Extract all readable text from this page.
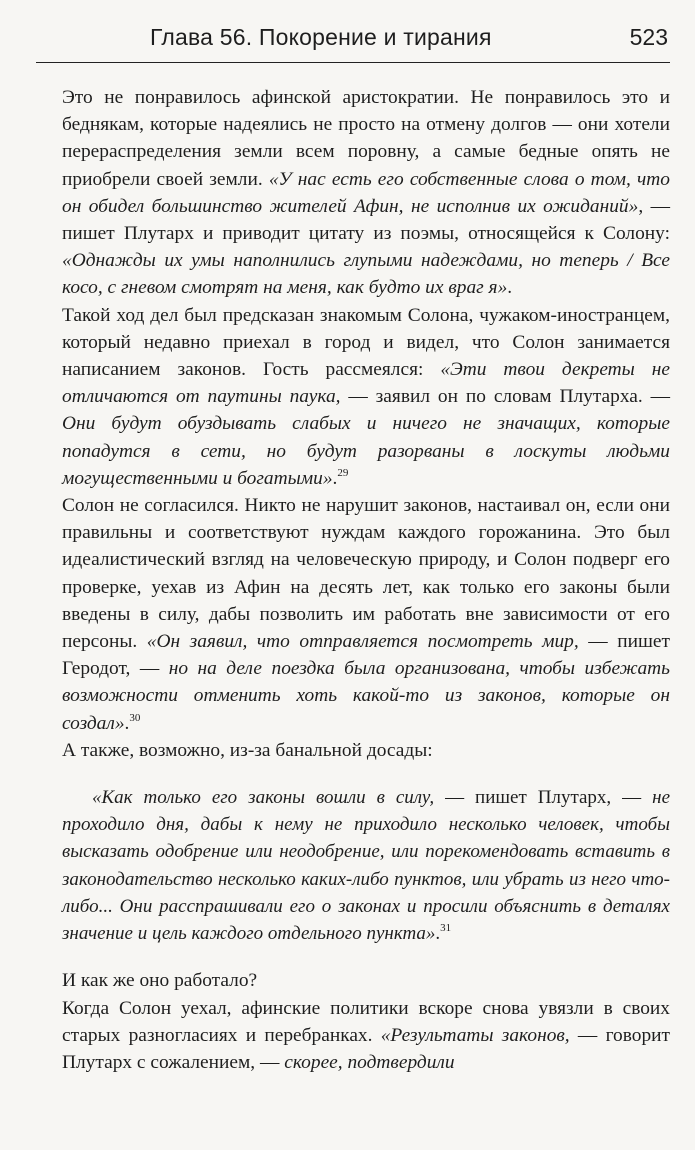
Глава 56. Покорение и тирания	523

Это не понравилось афинской аристократии. Не понравилось это и беднякам, которые надеялись не просто на отмену долгов — они хотели перераспределения земли всем поровну, а самые бедные опять не приобрели своей земли. «У нас есть его собственные слова о том, что он обидел большинство жителей Афин, не исполнив их ожиданий», — пишет Плутарх и приводит цитату из поэмы, относящейся к Солону: «Однажды их умы наполнились глупыми надеждами, но теперь / Все косо, с гневом смотрят на меня, как будто их враг я».

Такой ход дел был предсказан знакомым Солона, чужаком-иностранцем, который недавно приехал в город и видел, что Солон занимается написанием законов. Гость рассмеялся: «Эти твои декреты не отличаются от паутины паука, — заявил он по словам Плутарха. — Они будут обуздывать слабых и ничего не значащих, которые попадутся в сети, но будут разорваны в лоскуты людьми могущественными и богатыми».$^{29}$

Солон не согласился. Никто не нарушит законов, настаивал он, если они правильны и соответствуют нуждам каждого горожанина. Это был идеалистический взгляд на человеческую природу, и Солон подверг его проверке, уехав из Афин на десять лет, как только его законы были введены в силу, дабы позволить им работать вне зависимости от его персоны. «Он заявил, что отправляется посмотреть мир, — пишет Геродот, — но на деле поездка была организована, чтобы избежать возможности отменить хоть какой-то из законов, которые он создал».$^{30}$

А также, возможно, из-за банальной досады:

«Как только его законы вошли в силу, — пишет Плутарх, — не проходило дня, дабы к нему не приходило несколько человек, чтобы высказать одобрение или неодобрение, или порекомендовать вставить в законодательство несколько каких-либо пунктов, или убрать из него что-либо... Они расспрашивали его о законах и просили объяснить в деталях значение и цель каждого отдельного пункта».$^{31}$

И как же оно работало?

Когда Солон уехал, афинские политики вскоре снова увязли в своих старых разногласиях и перебранках. «Результаты законов, — говорит Плутарх с сожалением, — скорее, подтвердили
